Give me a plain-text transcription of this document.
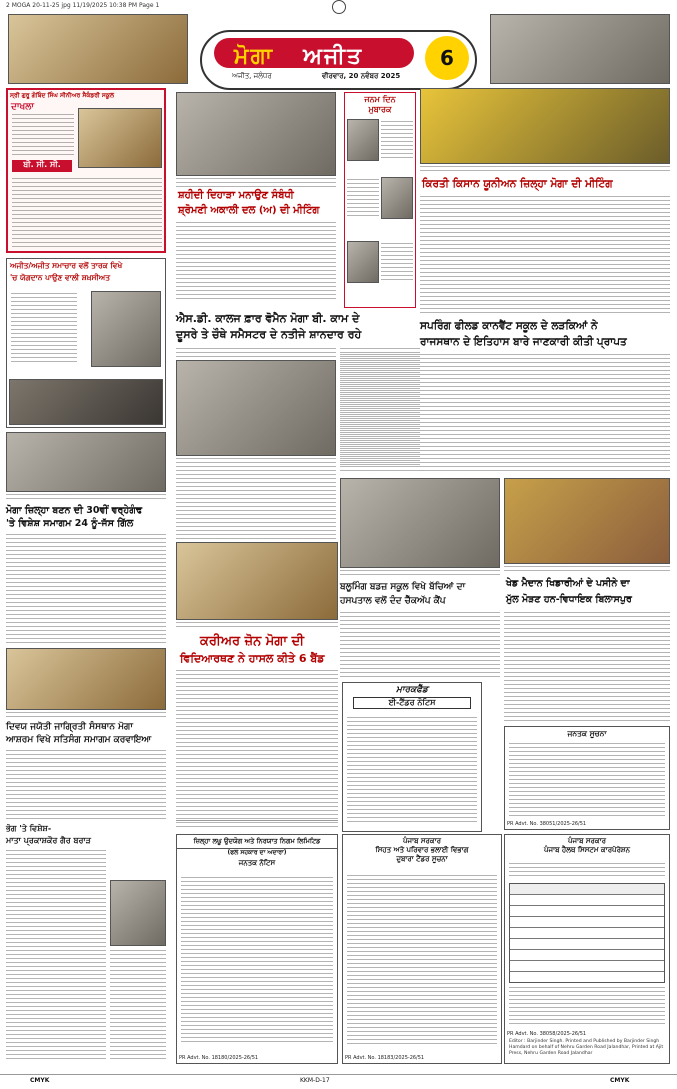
2 MOGA 20-11-25 jpg 11/19/2025 10:38 PM Page 1
ਮੋਗਾ ਅਜੀਤ
ਅਜੀਤ, ਜਲੰਧਰ	ਵੀਰਵਾਰ, 20 ਨਵੰਬਰ 2025
6
ਸ੍ਰੀ ਗੁਰੂ ਗੋਬਿੰਦ ਸਿੰਘ ਸੀਨੀਅਰ ਸੈਕੰਡਰੀ ਸਕੂਲ
ਦਾਖਲਾ
ਬੀ. ਸੀ. ਸੀ.
ਅਜੀਤ/ਅਜੀਤ ਸਮਾਚਾਰ ਵਲੋਂ ਤਾਰਕ ਵਿਖੇ
'ਚ ਯੋਗਦਾਨ ਪਾਉਣ ਵਾਲੀ ਸ਼ਖ਼ਸੀਅਤ
ਮੋਗਾ ਜ਼ਿਲ੍ਹਾ ਬਣਨ ਦੀ 30ਵੀਂ ਵਰ੍ਹੇਗੰਢ
'ਤੇ ਵਿਸ਼ੇਸ਼ ਸਮਾਗਮ 24 ਨੂੰ-ਜੱਸ ਗਿੱਲ
ਦਿਵਯ ਜਯੋਤੀ ਜਾਗ੍ਰਿਤੀ ਸੰਸਥਾਨ ਮੋਗਾ
ਆਸ਼ਰਮ ਵਿਖੇ ਸਤਿਸੰਗ ਸਮਾਗਮ ਕਰਵਾਇਆ
ਭੋਗ 'ਤੇ ਵਿਸ਼ੇਸ਼-
ਮਾਤਾ ਪ੍ਰਕਾਸ਼ਕੌਰ ਗੈਰ ਬਰਾੜ
ਸ਼ਹੀਦੀ ਦਿਹਾੜਾ ਮਨਾਉਣ ਸੰਬੰਧੀ
ਸ਼੍ਰੋਮਣੀ ਅਕਾਲੀ ਦਲ (ਅ) ਦੀ ਮੀਟਿੰਗ
ਜਨਮ ਦਿਨ
ਮੁਬਾਰਕ
ਐਸ.ਡੀ. ਕਾਲਜ ਫ਼ਾਰ ਵੋਮੈਨ ਮੋਗਾ ਬੀ. ਕਾਮ ਦੇ
ਦੂਸਰੇ ਤੇ ਚੌਥੇ ਸਮੈਸਟਰ ਦੇ ਨਤੀਜੇ ਸ਼ਾਨਦਾਰ ਰਹੇ
ਕਰੀਅਰ ਜ਼ੋਨ ਮੋਗਾ ਦੀ
ਵਿਦਿਆਰਥਣ ਨੇ ਹਾਸਲ ਕੀਤੇ 6 ਬੈਂਡ
ਮਾਰਕਫੈੱਡ
ਈ-ਟੈਂਡਰ ਨੋਟਿਸ
ਜ਼ਿਲ੍ਹਾ ਲਘੂ ਉਦਯੋਗ ਅਤੇ ਨਿਰਯਾਤ ਨਿਗਮ ਲਿਮਿਟਿਡ
(ਫਲ ਸਹਕਾਰ ਦਾ ਅਦਾਰਾ)
ਜਨਤਕ ਨੋਟਿਸ
PR Advt. No. 18180/2025-26/51
ਪੰਜਾਬ ਸਰਕਾਰ
ਸਿਹਤ ਅਤੇ ਪਰਿਵਾਰ ਭਲਾਈ ਵਿਭਾਗ
ਦੁਬਾਰਾ ਟੈਂਡਰ ਸੂਚਨਾ
PR Advt. No. 18183/2025-26/51
ਕਿਰਤੀ ਕਿਸਾਨ ਯੂਨੀਅਨ ਜ਼ਿਲ੍ਹਾ ਮੋਗਾ ਦੀ ਮੀਟਿੰਗ
ਸਪਰਿੰਗ ਫੀਲਡ ਕਾਨਵੈਂਟ ਸਕੂਲ ਦੇ ਲੜਕਿਆਂ ਨੇ
ਰਾਜਸਥਾਨ ਦੇ ਇਤਿਹਾਸ ਬਾਰੇ ਜਾਣਕਾਰੀ ਕੀਤੀ ਪ੍ਰਾਪਤ
ਬਲੂਮਿੰਗ ਬਡਜ਼ ਸਕੂਲ ਵਿਖੇ ਬੱਚਿਆਂ ਦਾ
ਹਸਪਤਾਲ ਵਲੋਂ ਦੰਦ ਚੈੱਕਅੱਪ ਕੈਂਪ
ਖੇਡ ਮੈਦਾਨ ਖਿਡਾਰੀਆਂ ਦੇ ਪਸੀਨੇ ਦਾ
ਮੁੱਲ ਮੋੜਣ ਹਨ-ਵਿਧਾਇਕ ਬਿਲਾਸਪੁਰ
ਜਨਤਕ ਸੂਚਨਾ
PR Advt. No. 38051/2025-26/51
ਪੰਜਾਬ ਸਰਕਾਰ
ਪੰਜਾਬ ਹੈਲਥ ਸਿਸਟਮ ਕਾਰਪੋਰੇਸ਼ਨ
PR Advt. No. 38058/2025-26/51
Editor : Barjinder Singh. Printed and Published by Barjinder Singh Hamdard on behalf of Nehru Garden Road Jalandhar, Printed at Ajit Press, Nehru Garden Road Jalandhar
CMYK	KKM-D-17	CMYK
